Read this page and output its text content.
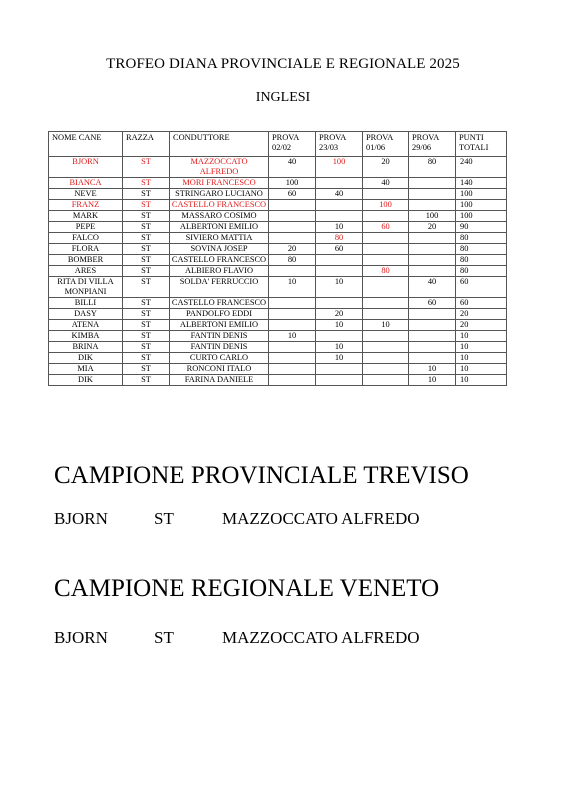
TROFEO DIANA PROVINCIALE E REGIONALE 2025
INGLESI
NOME CANE	RAZZA	CONDUTTORE	PROVA 02/02	PROVA 23/03	PROVA 01/06	PROVA 29/06	PUNTI TOTALI
BJORN	ST	MAZZOCCATO ALFREDO	40	100	20	80	240
BIANCA	ST	MORI FRANCESCO	100		40		140
NEVE	ST	STRINGARO LUCIANO	60	40			100
FRANZ	ST	CASTELLO FRANCESCO			100		100
MARK	ST	MASSARO COSIMO				100	100
PEPE	ST	ALBERTONI EMILIO		10	60	20	90
FALCO	ST	SIVIERO MATTIA		80			80
FLORA	ST	SOVINA JOSEP	20	60			80
BOMBER	ST	CASTELLO FRANCESCO	80				80
ARES	ST	ALBIERO FLAVIO			80		80
RITA DI VILLA MONPIANI	ST	SOLDA' FERRUCCIO	10	10		40	60
BILLI	ST	CASTELLO FRANCESCO				60	60
DASY	ST	PANDOLFO EDDI		20			20
ATENA	ST	ALBERTONI EMILIO		10	10		20
KIMBA	ST	FANTIN DENIS	10				10
BRINA	ST	FANTIN DENIS		10			10
DIK	ST	CURTO CARLO		10			10
MIA	ST	RONCONI ITALO				10	10
DIK	ST	FARINA DANIELE				10	10
CAMPIONE PROVINCIALE TREVISO
BJORN	ST	MAZZOCCATO ALFREDO
CAMPIONE REGIONALE VENETO
BJORN	ST	MAZZOCCATO ALFREDO
